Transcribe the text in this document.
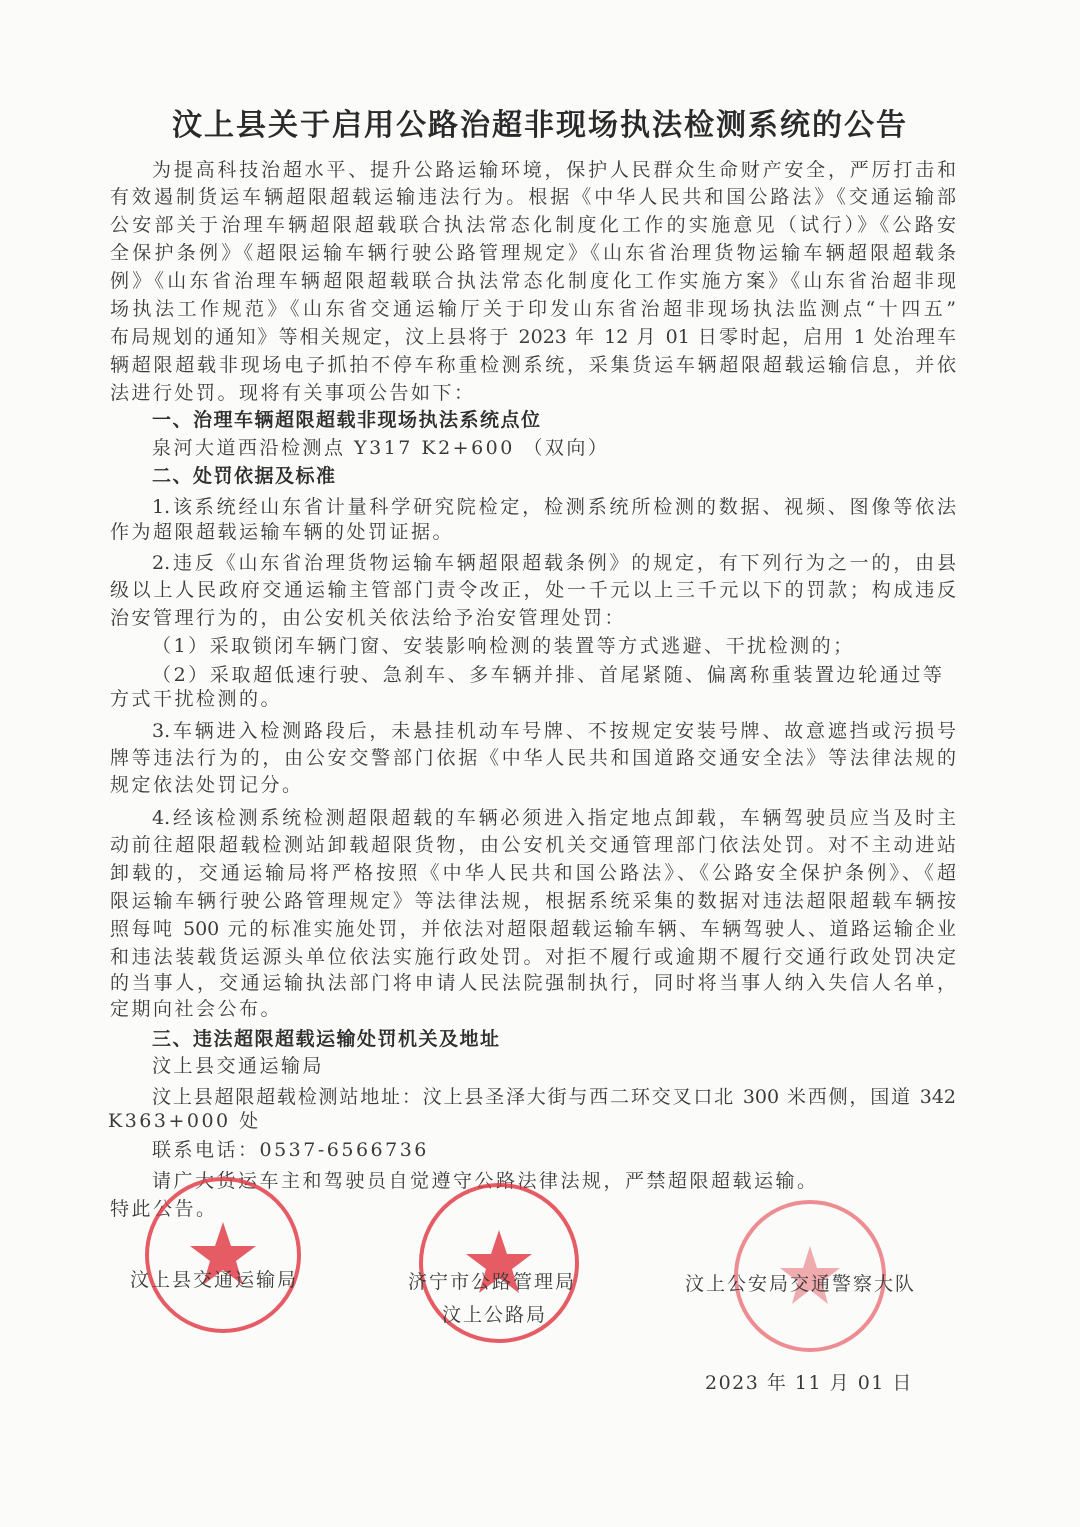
汶上县关于启用公路治超非现场执法检测系统的公告
为提高科技治超水平、提升公路运输环境，保护人民群众生命财产安全，严厉打击和
有效遏制货运车辆超限超载运输违法行为。根据《中华人民共和国公路法》《交通运输部
公安部关于治理车辆超限超载联合执法常态化制度化工作的实施意见（试行）》《公路安
全保护条例》《超限运输车辆行驶公路管理规定》《山东省治理货物运输车辆超限超载条
例》《山东省治理车辆超限超载联合执法常态化制度化工作实施方案》《山东省治超非现
场执法工作规范》《山东省交通运输厅关于印发山东省治超非现场执法监测点“十四五”
布局规划的通知》等相关规定，汶上县将于 2023 年 12 月 01 日零时起，启用 1 处治理车
辆超限超载非现场电子抓拍不停车称重检测系统，采集货运车辆超限超载运输信息，并依
法进行处罚。现将有关事项公告如下：
一、治理车辆超限超载非现场执法系统点位
泉河大道西沿检测点 Y317 K2+600 （双向）
二、处罚依据及标准
1.该系统经山东省计量科学研究院检定，检测系统所检测的数据、视频、图像等依法
作为超限超载运输车辆的处罚证据。
2.违反《山东省治理货物运输车辆超限超载条例》的规定，有下列行为之一的，由县
级以上人民政府交通运输主管部门责令改正，处一千元以上三千元以下的罚款；构成违反
治安管理行为的，由公安机关依法给予治安管理处罚：
（1）采取锁闭车辆门窗、安装影响检测的装置等方式逃避、干扰检测的；
（2）采取超低速行驶、急刹车、多车辆并排、首尾紧随、偏离称重装置边轮通过等
方式干扰检测的。
3.车辆进入检测路段后，未悬挂机动车号牌、不按规定安装号牌、故意遮挡或污损号
牌等违法行为的，由公安交警部门依据《中华人民共和国道路交通安全法》等法律法规的
规定依法处罚记分。
4.经该检测系统检测超限超载的车辆必须进入指定地点卸载，车辆驾驶员应当及时主
动前往超限超载检测站卸载超限货物，由公安机关交通管理部门依法处罚。对不主动进站
卸载的，交通运输局将严格按照《中华人民共和国公路法》、《公路安全保护条例》、《超
限运输车辆行驶公路管理规定》等法律法规，根据系统采集的数据对违法超限超载车辆按
照每吨 500 元的标准实施处罚，并依法对超限超载运输车辆、车辆驾驶人、道路运输企业
和违法装载货运源头单位依法实施行政处罚。对拒不履行或逾期不履行交通行政处罚决定
的当事人，交通运输执法部门将申请人民法院强制执行，同时将当事人纳入失信人名单，
定期向社会公布。
三、违法超限超载运输处罚机关及地址
汶上县交通运输局
汶上县超限超载检测站地址：汶上县圣泽大街与西二环交叉口北 300 米西侧，国道 342
K363+000 处
联系电话：0537-6566736
请广大货运车主和驾驶员自觉遵守公路法律法规，严禁超限超载运输。
特此公告。
汶上县交通运输局	济宁市公路管理局
汶上公路局
汶上公安局交通警察大队
2023 年 11 月 01 日
